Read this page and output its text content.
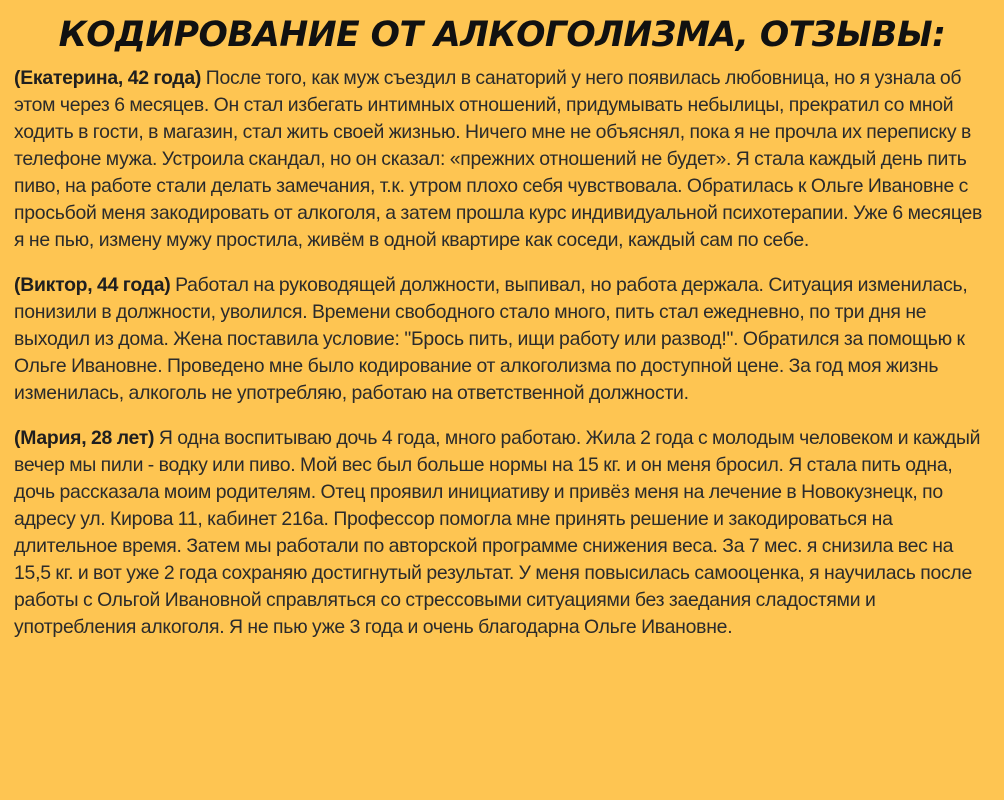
КОДИРОВАНИЕ ОТ АЛКОГОЛИЗМА, ОТЗЫВЫ:

(Екатерина, 42 года) После того, как муж съездил в санаторий у него появилась любовница, но я узнала об этом через 6 месяцев. Он стал избегать интимных отношений, придумывать небылицы, прекратил со мной ходить в гости, в магазин, стал жить своей жизнью. Ничего мне не объяснял, пока я не прочла их переписку в телефоне мужа. Устроила скандал, но он сказал: «прежних отношений не будет». Я стала каждый день пить пиво, на работе стали делать замечания, т.к. утром плохо себя чувствовала. Обратилась к Ольге Ивановне с просьбой меня закодировать от алкоголя, а затем прошла курс индивидуальной психотерапии. Уже 6 месяцев я не пью, измену мужу простила, живём в одной квартире как соседи, каждый сам по себе.

(Виктор, 44 года) Работал на руководящей должности, выпивал, но работа держала. Ситуация изменилась, понизили в должности, уволился. Времени свободного стало много, пить стал ежедневно, по три дня не выходил из дома. Жена поставила условие: "Брось пить, ищи работу или развод!". Обратился за помощью к Ольге Ивановне. Проведено мне было кодирование от алкоголизма по доступной цене. За год моя жизнь изменилась, алкоголь не употребляю, работаю на ответственной должности.

(Мария, 28 лет) Я одна воспитываю дочь 4 года, много работаю. Жила 2 года с молодым человеком и каждый вечер мы пили - водку или пиво. Мой вес был больше нормы на 15 кг. и он меня бросил. Я стала пить одна, дочь рассказала моим родителям. Отец проявил инициативу и привёз меня на лечение в Новокузнецк, по адресу ул. Кирова 11, кабинет 216а. Профессор помогла мне принять решение и закодироваться на длительное время. Затем мы работали по авторской программе снижения веса. За 7 мес. я снизила вес на 15,5 кг. и вот уже 2 года сохраняю достигнутый результат. У меня повысилась самооценка, я научилась после работы с Ольгой Ивановной справляться со стрессовыми ситуациями без заедания сладостями и употребления алкоголя. Я не пью уже 3 года и очень благодарна Ольге Ивановне.
